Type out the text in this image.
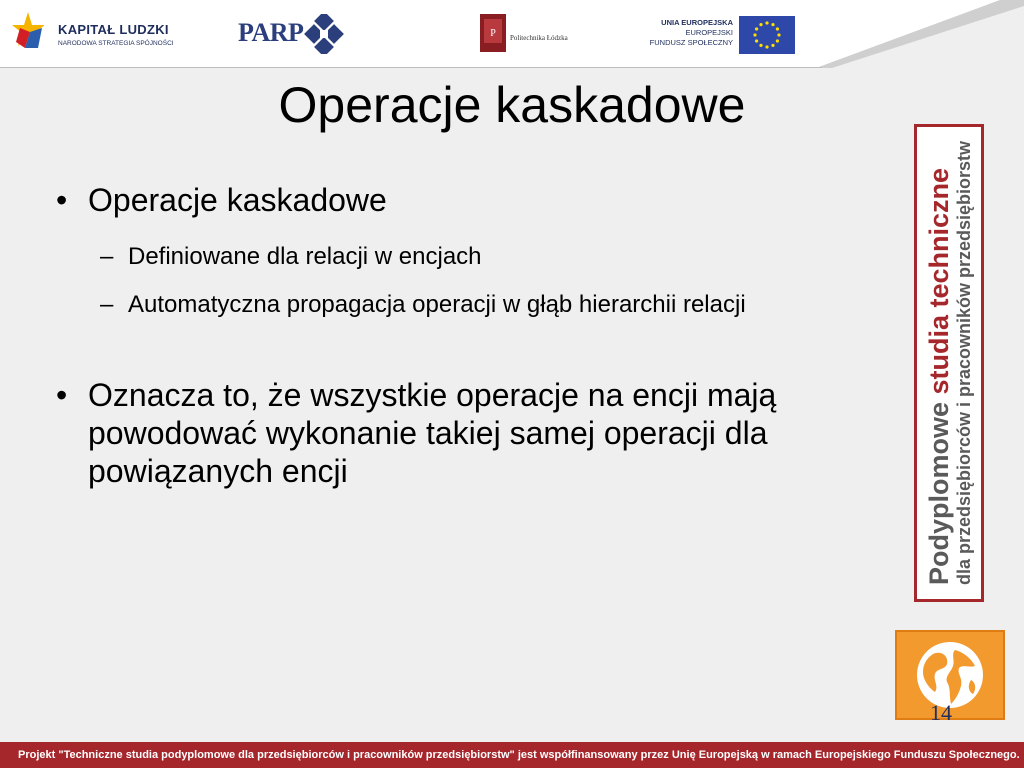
KAPITAŁ LUDZKI
NARODOWA STRATEGIA SPÓJNOŚCI PARP	P Politechnika Łódzka
UNIA EUROPEJSKA
EUROPEJSKI
FUNDUSZ SPOŁECZNY
Operacje kaskadowe
• Operacje kaskadowe
– Definiowane dla relacji w encjach
– Automatyczna propagacja operacji w głąb hierarchii relacji
• Oznacza to, że wszystkie operacje na encji mają powodować wykonanie takiej samej operacji dla powiązanych encji	Podyplomowe studia techniczne dla przedsiębiorców i pracowników przedsiębiorstw
14
Projekt "Techniczne studia podyplomowe dla przedsiębiorców i pracowników przedsiębiorstw" jest współfinansowany przez Unię Europejską w ramach Europejskiego Funduszu Społecznego.
